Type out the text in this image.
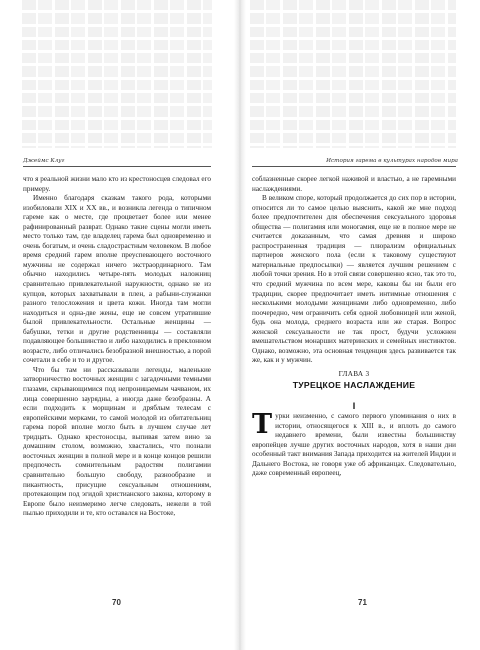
Джеймс Клуг

что я реальной жизни мало кто из крестоносцев следовал его примеру.

Именно благодаря сказкам такого рода, которыми изобиловали XIX и XX вв., и возникла легенда о типичном гареме как о месте, где процветает более или менее рафинированный разврат. Однако такие сцены могли иметь место только там, где владелец гарема был одновременно и очень богатым, и очень сладострастным человеком. В любое время средний гарем вполне преуспевающего восточного мужчины не содержал ничего экстраординарного. Там обычно находились четыре-пять молодых наложниц сравнительно привлекательной наружности, однако не из купцов, которых захватывали в плен, а рабыни-служанки разного телосложения и цвета кожи. Иногда там могли находиться и одна-две жены, еще не совсем утратившие былой привлекательности. Остальные женщины — бабушки, тетки и другие родственницы — составляли подавляющее большинство и либо находились в преклонном возрасте, либо отличались безобразной внешностью, а порой сочетали в себе и то и другое.

Что бы там ни рассказывали легенды, маленькие затворничество восточных женщин с загадочными темными глазами, скрывающимися под непроницаемым чачваном, их лица совершенно заурядны, а иногда даже безобразны. А если подходить к морщинам и дряблым телесам с европейскими мерками, то самой молодой из обитательниц гарема порой вполне могло быть в лучшем случае лет тридцать. Однако крестоносцы, выпивая затем вино за домашним столом, возможно, хвастались, что познали восточных женщин в полной мере и в конце концов решили предпочесть сомнительным радостям полигамии сравнительно большую свободу, разнообразие и пикантность, присущие сексуальным отношениям, протекающим под эгидой христианского закона, которому в Европе было неизмеримо легче следовать, нежели в той пылью приходили и те, кто оставался на Востоке,

70
История гарема в культурах народов мира

соблазненные скорее легкой наживой и властью, а не гаремными наслаждениями.

В великом споре, который продолжается до сих пор в истории, относится ли то самое целью выяснить, какой же мне подход более предпочтителен для обеспечения сексуального здоровья общества — полигамия или моногамия, еще не в полное мере не считается доказанным, что самая древняя и широко распространенная традиция — плюрализм официальных партнеров женского пола (если к таковому существуют материальные предпосылки) — является лучшим решением с любой точки зрения. Но в этой связи совершенно ясно, так это то, что средний мужчина по всем мере, каковы бы ни были его традиции, скорее предпочитает иметь интимные отношения с несколькими молодыми женщинами либо одновременно, либо поочередно, чем ограничить себя одной любовницей или женой, будь она молода, среднего возраста или же старая. Вопрос женской сексуальности не так прост, будучи усложнен вмешательством монарших материнских и семейных инстинктов. Однако, возможно, эта основная тенденция здесь развивается так же, как и у мужчин.

ГЛАВА 3
ТУРЕЦКОЕ НАСЛАЖДЕНИЕ
I
Турки неизменно, с самого первого упоминания о них в истории, относящегося к XIII в., и вплоть до самого недавнего времени, были известны большинству европейцев лучше других восточных народов, хотя в наши дни особенный такт внимания Запада приходится на жителей Индии и Дальнего Востока, не говоря уже об африканцах. Следовательно, даже современный европеец,
71
